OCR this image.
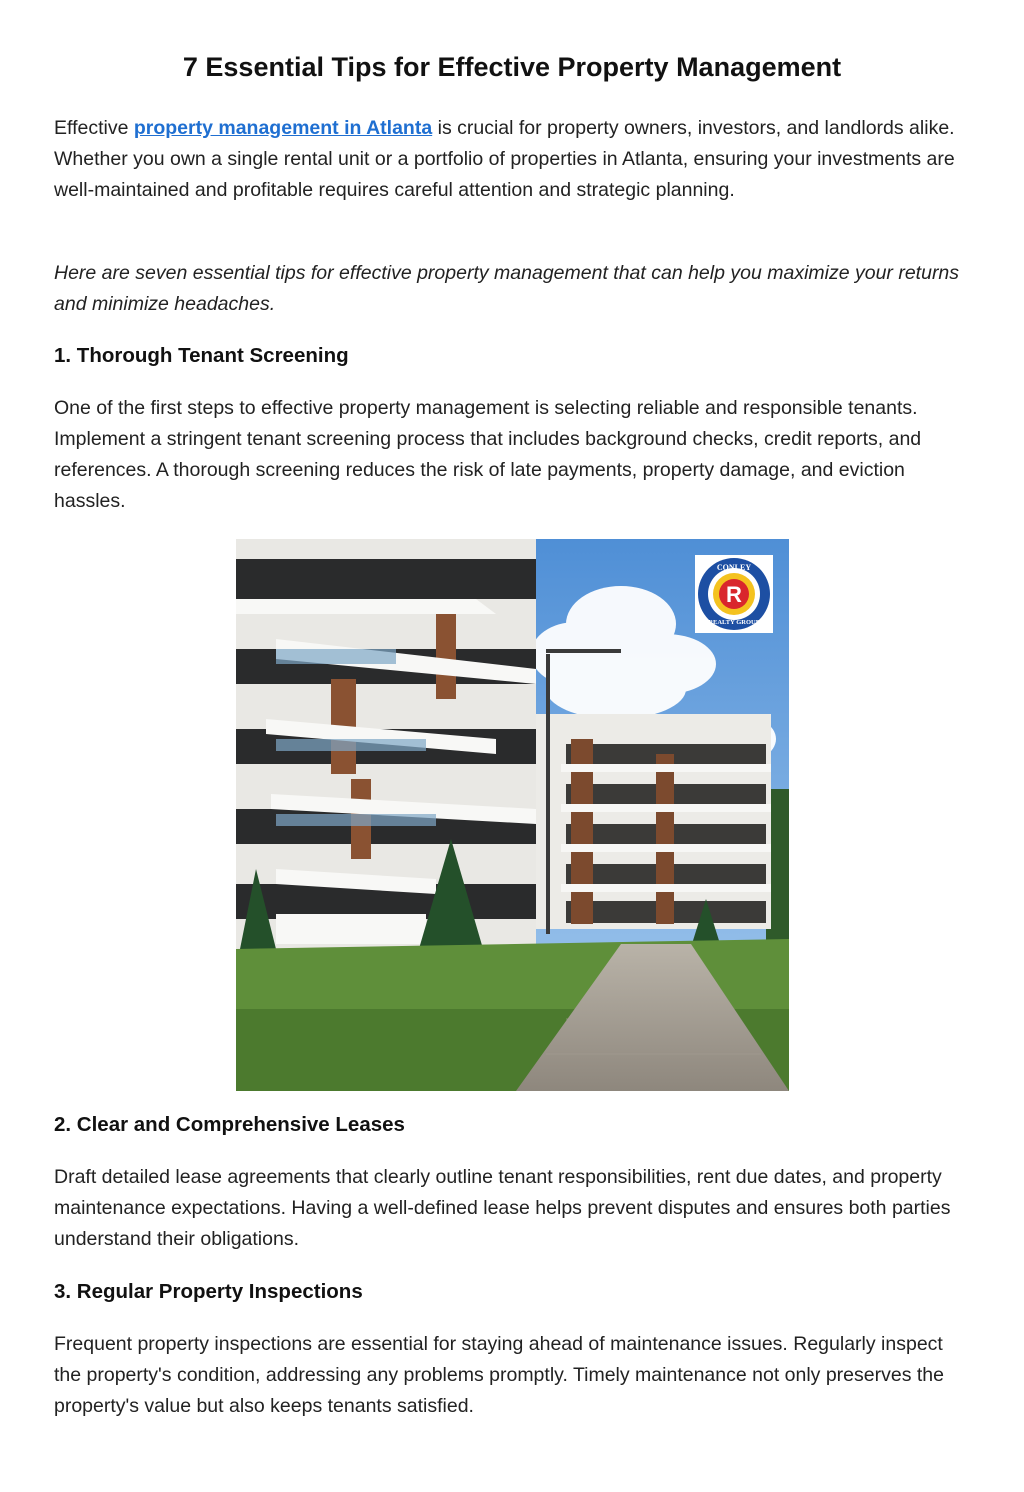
7 Essential Tips for Effective Property Management

Effective property management in Atlanta is crucial for property owners, investors, and landlords alike. Whether you own a single rental unit or a portfolio of properties in Atlanta, ensuring your investments are well-maintained and profitable requires careful attention and strategic planning.

Here are seven essential tips for effective property management that can help you maximize your returns and minimize headaches.

1. Thorough Tenant Screening

One of the first steps to effective property management is selecting reliable and responsible tenants. Implement a stringent tenant screening process that includes background checks, credit reports, and references. A thorough screening reduces the risk of late payments, property damage, and eviction hassles.

R
CONLEY
REALTY GROUP
2. Clear and Comprehensive Leases

Draft detailed lease agreements that clearly outline tenant responsibilities, rent due dates, and property maintenance expectations. Having a well-defined lease helps prevent disputes and ensures both parties understand their obligations.

3. Regular Property Inspections

Frequent property inspections are essential for staying ahead of maintenance issues. Regularly inspect the property's condition, addressing any problems promptly. Timely maintenance not only preserves the property's value but also keeps tenants satisfied.
